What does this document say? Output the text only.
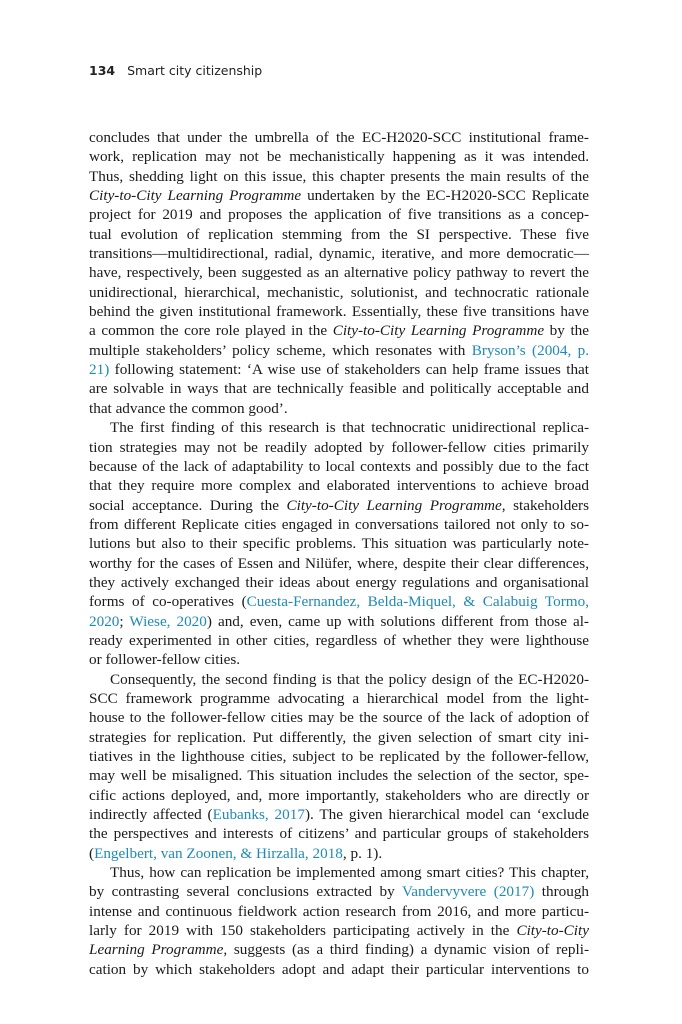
134 Smart city citizenship
concludes that under the umbrella of the EC-H2020-SCC institutional frame-
work, replication may not be mechanistically happening as it was intended.
Thus, shedding light on this issue, this chapter presents the main results of the
City-to-City Learning Programme undertaken by the EC-H2020-SCC Replicate
project for 2019 and proposes the application of five transitions as a concep-
tual evolution of replication stemming from the SI perspective. These five
transitions—multidirectional, radial, dynamic, iterative, and more democratic—
have, respectively, been suggested as an alternative policy pathway to revert the
unidirectional, hierarchical, mechanistic, solutionist, and technocratic rationale
behind the given institutional framework. Essentially, these five transitions have
a common the core role played in the City-to-City Learning Programme by the
multiple stakeholders’ policy scheme, which resonates with Bryson’s (2004, p.
21) following statement: ‘A wise use of stakeholders can help frame issues that
are solvable in ways that are technically feasible and politically acceptable and
that advance the common good’.
The first finding of this research is that technocratic unidirectional replica-
tion strategies may not be readily adopted by follower-fellow cities primarily
because of the lack of adaptability to local contexts and possibly due to the fact
that they require more complex and elaborated interventions to achieve broad
social acceptance. During the City-to-City Learning Programme, stakeholders
from different Replicate cities engaged in conversations tailored not only to so-
lutions but also to their specific problems. This situation was particularly note-
worthy for the cases of Essen and Nilüfer, where, despite their clear differences,
they actively exchanged their ideas about energy regulations and organisational
forms of co-operatives (Cuesta-Fernandez, Belda-Miquel, & Calabuig Tormo,
2020; Wiese, 2020) and, even, came up with solutions different from those al-
ready experimented in other cities, regardless of whether they were lighthouse
or follower-fellow cities.
Consequently, the second finding is that the policy design of the EC-H2020-
SCC framework programme advocating a hierarchical model from the light-
house to the follower-fellow cities may be the source of the lack of adoption of
strategies for replication. Put differently, the given selection of smart city ini-
tiatives in the lighthouse cities, subject to be replicated by the follower-fellow,
may well be misaligned. This situation includes the selection of the sector, spe-
cific actions deployed, and, more importantly, stakeholders who are directly or
indirectly affected (Eubanks, 2017). The given hierarchical model can ‘exclude
the perspectives and interests of citizens’ and particular groups of stakeholders
(Engelbert, van Zoonen, & Hirzalla, 2018, p. 1).
Thus, how can replication be implemented among smart cities? This chapter,
by contrasting several conclusions extracted by Vandervyvere (2017) through
intense and continuous fieldwork action research from 2016, and more particu-
larly for 2019 with 150 stakeholders participating actively in the City-to-City
Learning Programme, suggests (as a third finding) a dynamic vision of repli-
cation by which stakeholders adopt and adapt their particular interventions to
